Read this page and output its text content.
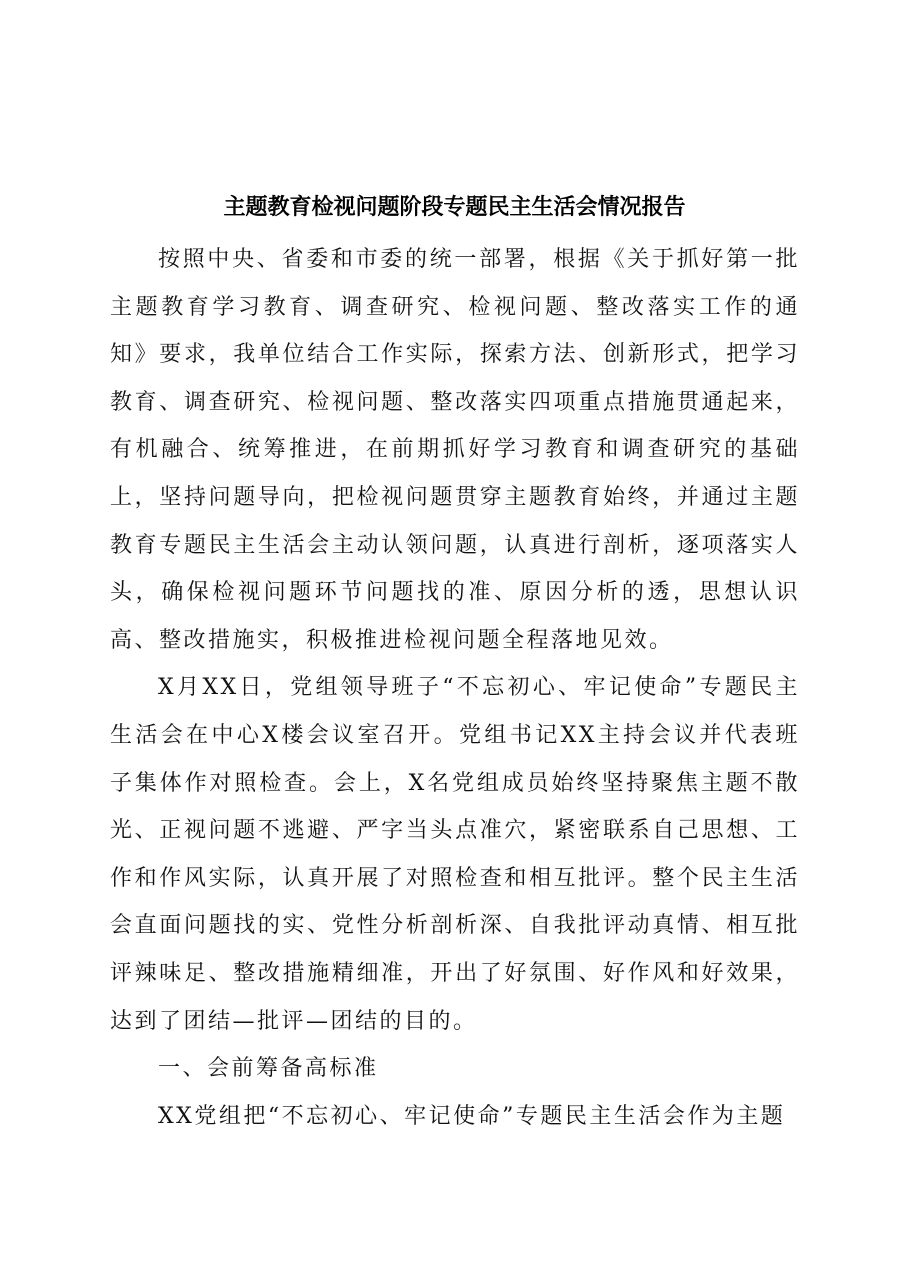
主题教育检视问题阶段专题民主生活会情况报告

按照中央、省委和市委的统一部署，根据《关于抓好第一批主题教育学习教育、调查研究、检视问题、整改落实工作的通知》要求，我单位结合工作实际，探索方法、创新形式，把学习教育、调查研究、检视问题、整改落实四项重点措施贯通起来，有机融合、统筹推进，在前期抓好学习教育和调查研究的基础上，坚持问题导向，把检视问题贯穿主题教育始终，并通过主题教育专题民主生活会主动认领问题，认真进行剖析，逐项落实人头，确保检视问题环节问题找的准、原因分析的透，思想认识高、整改措施实，积极推进检视问题全程落地见效。

X月XX日，党组领导班子“不忘初心、牢记使命”专题民主生活会在中心X楼会议室召开。党组书记XX主持会议并代表班子集体作对照检查。会上，X名党组成员始终坚持聚焦主题不散光、正视问题不逃避、严字当头点准穴，紧密联系自己思想、工作和作风实际，认真开展了对照检查和相互批评。整个民主生活会直面问题找的实、党性分析剖析深、自我批评动真情、相互批评辣味足、整改措施精细准，开出了好氛围、好作风和好效果，达到了团结—批评—团结的目的。

一、会前筹备高标准

XX党组把“不忘初心、牢记使命”专题民主生活会作为主题
